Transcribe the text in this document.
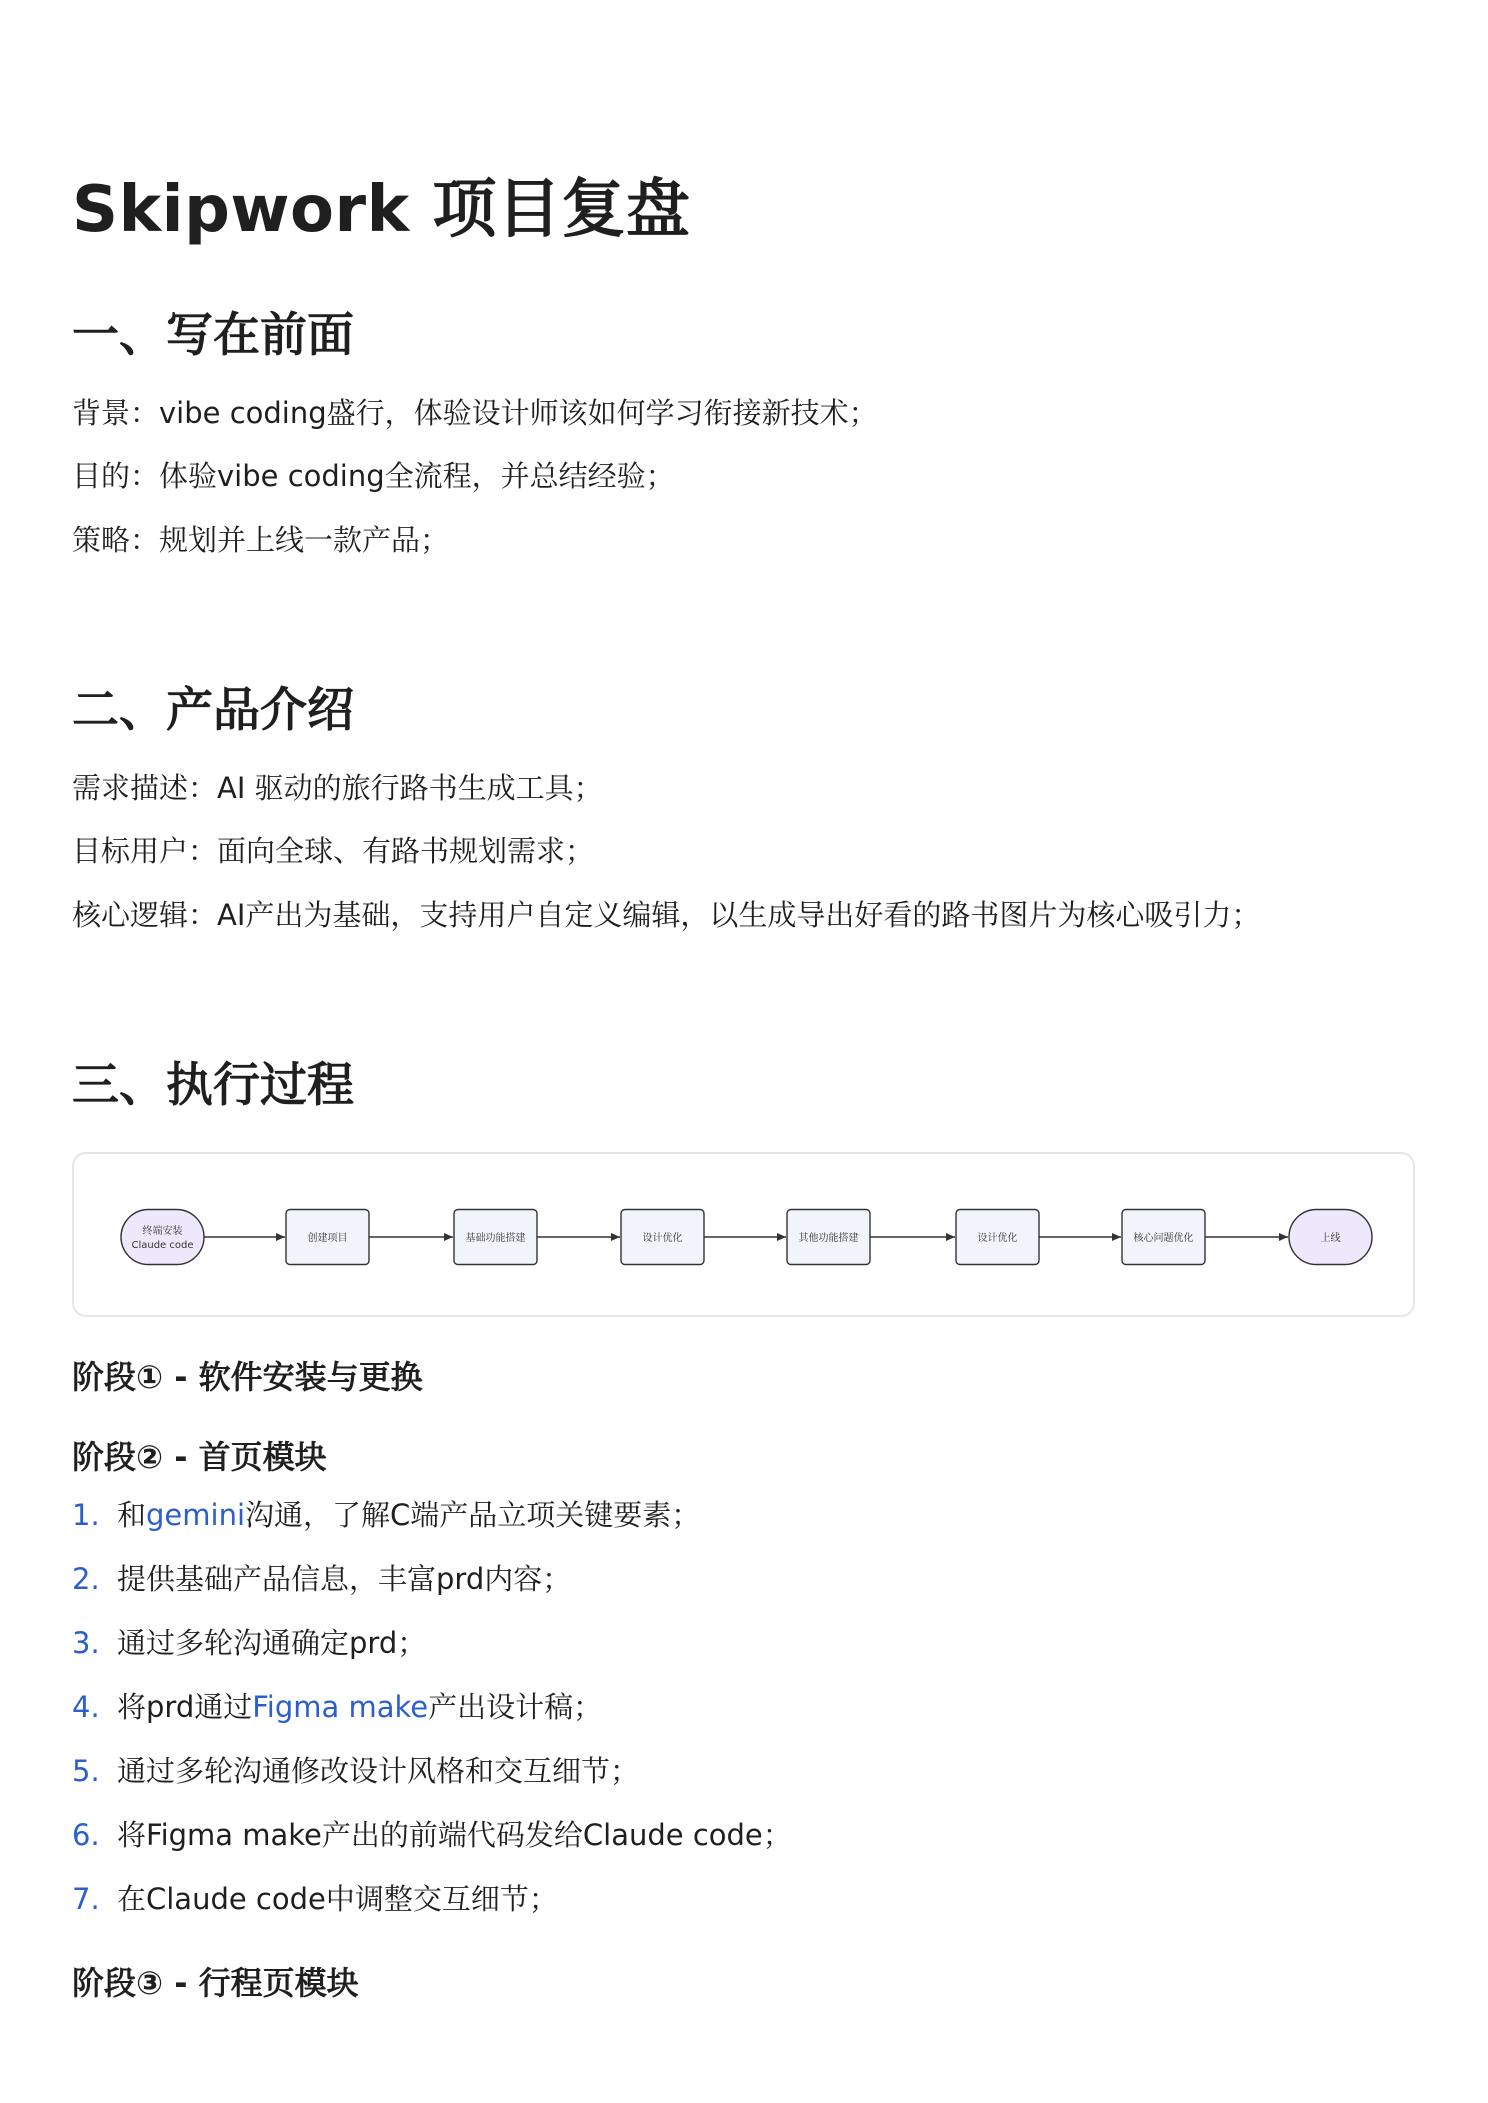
Skipwork 项目复盘
一、写在前面

背景：vibe coding盛行，体验设计师该如何学习衔接新技术；

目的：体验vibe coding全流程，并总结经验；

策略：规划并上线一款产品；

二、产品介绍

需求描述：AI 驱动的旅行路书生成工具；

目标用户：面向全球、有路书规划需求；

核心逻辑：AI产出为基础，支持用户自定义编辑，以生成导出好看的路书图片为核心吸引力；

三、执行过程
终端安装
Claude code
创建项目	基础功能搭建	设计优化	其他功能搭建	设计优化	核心问题优化	上线

阶段① - 软件安装与更换

阶段② - 首页模块

1. 和gemini沟通，了解C端产品立项关键要素；
2. 提供基础产品信息，丰富prd内容；
3. 通过多轮沟通确定prd；
4. 将prd通过Figma make产出设计稿；
5. 通过多轮沟通修改设计风格和交互细节；
6. 将Figma make产出的前端代码发给Claude code；
7. 在Claude code中调整交互细节；

阶段③ - 行程页模块
